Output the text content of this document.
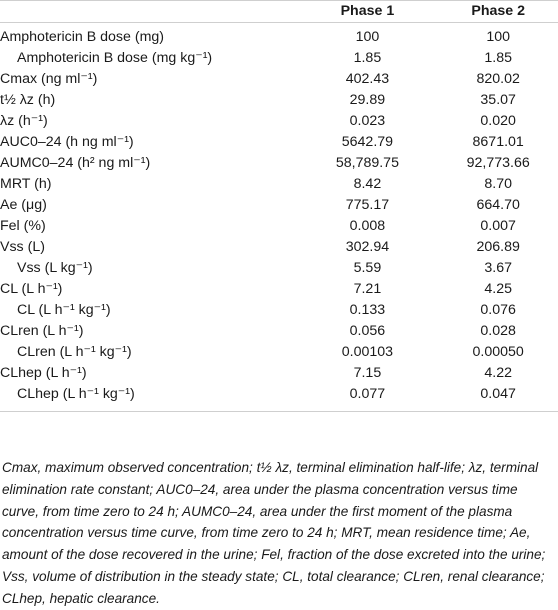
	Phase 1	Phase 2
Amphotericin B dose (mg)	100	100
Amphotericin B dose (mg kg⁻¹)	1.85	1.85
Cmax (ng ml⁻¹)	402.43	820.02
t½ λz (h)	29.89	35.07
λz (h⁻¹)	0.023	0.020
AUC0–24 (h ng ml⁻¹)	5642.79	8671.01
AUMC0–24 (h² ng ml⁻¹)	58,789.75	92,773.66
MRT (h)	8.42	8.70
Ae (μg)	775.17	664.70
Fel (%)	0.008	0.007
Vss (L)	302.94	206.89
Vss (L kg⁻¹)	5.59	3.67
CL (L h⁻¹)	7.21	4.25
CL (L h⁻¹ kg⁻¹)	0.133	0.076
CLren (L h⁻¹)	0.056	0.028
CLren (L h⁻¹ kg⁻¹)	0.00103	0.00050
CLhep (L h⁻¹)	7.15	4.22
CLhep (L h⁻¹ kg⁻¹)	0.077	0.047
Cmax, maximum observed concentration; t½ λz, terminal elimination half-life; λz, terminal elimination rate constant; AUC0–24, area under the plasma concentration versus time curve, from time zero to 24 h; AUMC0–24, area under the first moment of the plasma concentration versus time curve, from time zero to 24 h; MRT, mean residence time; Ae, amount of the dose recovered in the urine; Fel, fraction of the dose excreted into the urine; Vss, volume of distribution in the steady state; CL, total clearance; CLren, renal clearance; CLhep, hepatic clearance.
